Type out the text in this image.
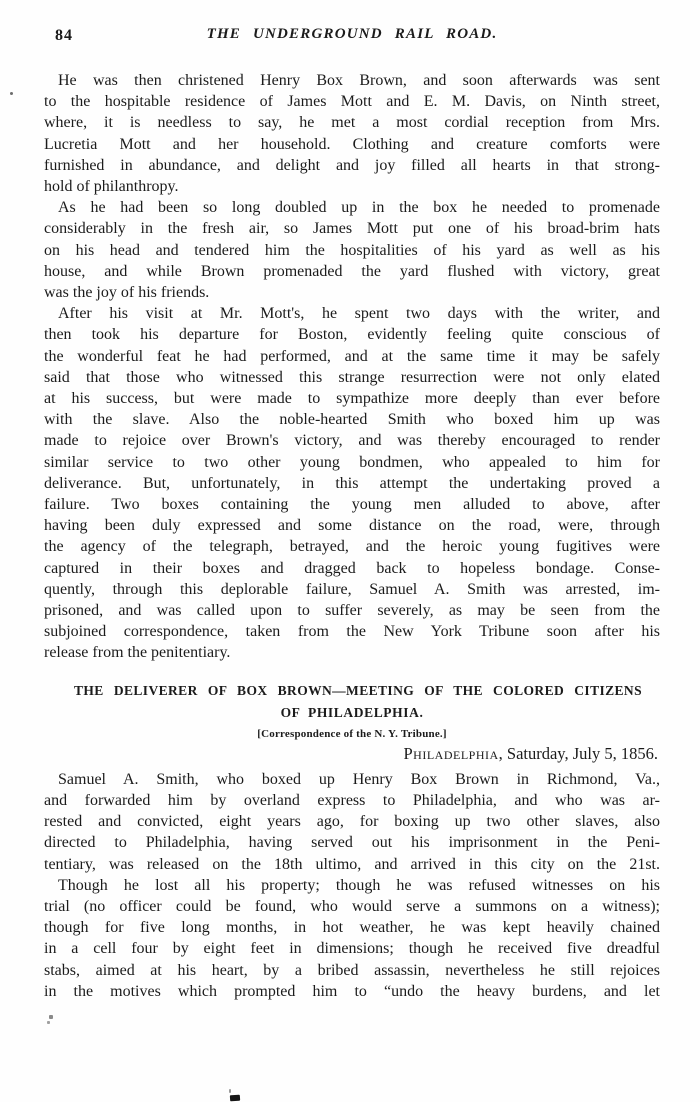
84	THE UNDERGROUND RAIL ROAD.
He was then christened Henry Box Brown, and soon afterwards was sent
to the hospitable residence of James Mott and E. M. Davis, on Ninth street,
where, it is needless to say, he met a most cordial reception from Mrs.
Lucretia Mott and her household. Clothing and creature comforts were
furnished in abundance, and delight and joy filled all hearts in that strong-
hold of philanthropy.
As he had been so long doubled up in the box he needed to promenade
considerably in the fresh air, so James Mott put one of his broad-brim hats
on his head and tendered him the hospitalities of his yard as well as his
house, and while Brown promenaded the yard flushed with victory, great
was the joy of his friends.
After his visit at Mr. Mott's, he spent two days with the writer, and
then took his departure for Boston, evidently feeling quite conscious of
the wonderful feat he had performed, and at the same time it may be safely
said that those who witnessed this strange resurrection were not only elated
at his success, but were made to sympathize more deeply than ever before
with the slave. Also the noble-hearted Smith who boxed him up was
made to rejoice over Brown's victory, and was thereby encouraged to render
similar service to two other young bondmen, who appealed to him for
deliverance. But, unfortunately, in this attempt the undertaking proved a
failure. Two boxes containing the young men alluded to above, after
having been duly expressed and some distance on the road, were, through
the agency of the telegraph, betrayed, and the heroic young fugitives were
captured in their boxes and dragged back to hopeless bondage. Conse-
quently, through this deplorable failure, Samuel A. Smith was arrested, im-
prisoned, and was called upon to suffer severely, as may be seen from the
subjoined correspondence, taken from the New York Tribune soon after his
release from the penitentiary.
THE DELIVERER OF BOX BROWN—MEETING OF THE COLORED CITIZENS
OF PHILADELPHIA.
[Correspondence of the N. Y. Tribune.]
Philadelphia, Saturday, July 5, 1856.
Samuel A. Smith, who boxed up Henry Box Brown in Richmond, Va.,
and forwarded him by overland express to Philadelphia, and who was ar-
rested and convicted, eight years ago, for boxing up two other slaves, also
directed to Philadelphia, having served out his imprisonment in the Peni-
tentiary, was released on the 18th ultimo, and arrived in this city on the 21st.
Though he lost all his property; though he was refused witnesses on his
trial (no officer could be found, who would serve a summons on a witness);
though for five long months, in hot weather, he was kept heavily chained
in a cell four by eight feet in dimensions; though he received five dreadful
stabs, aimed at his heart, by a bribed assassin, nevertheless he still rejoices
in the motives which prompted him to “undo the heavy burdens, and let
